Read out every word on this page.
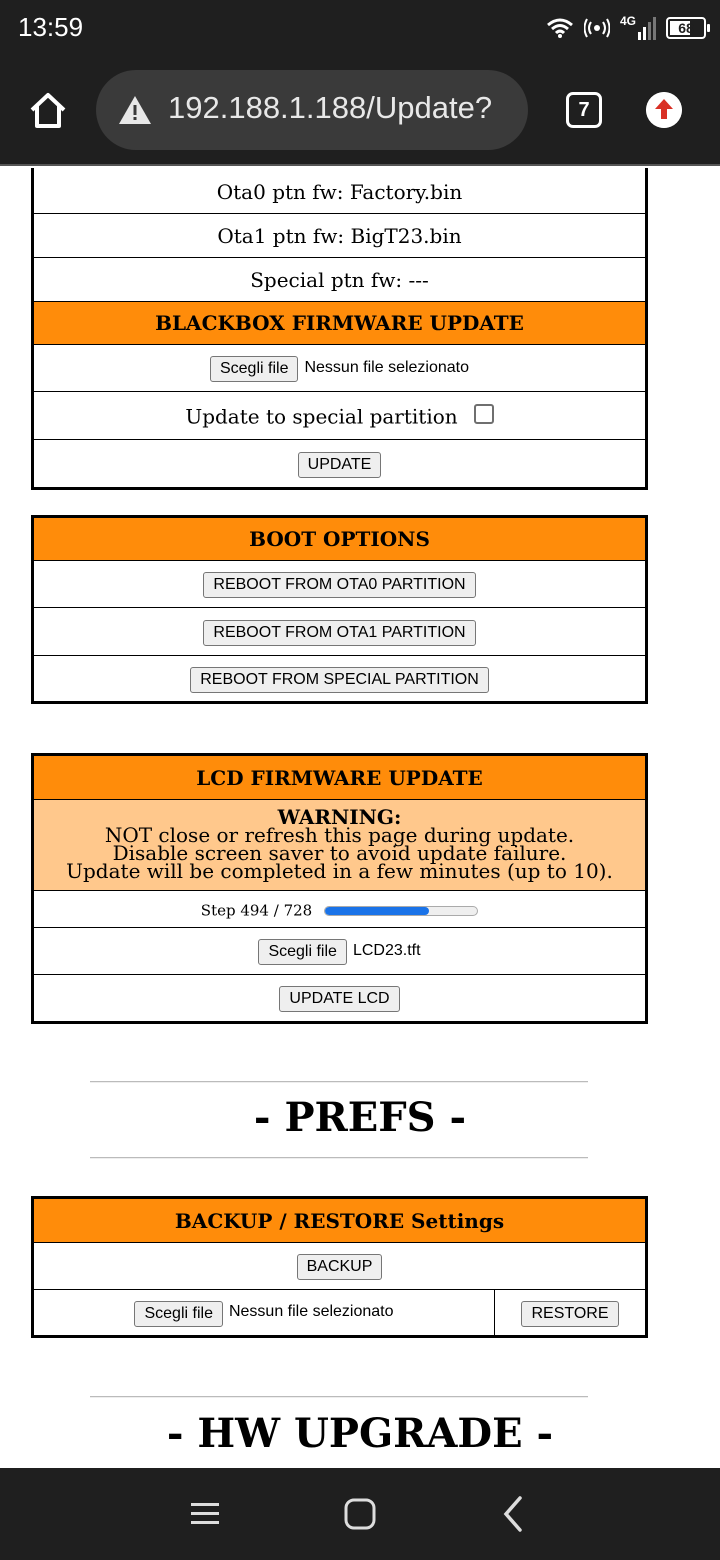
13:59	4G	68
192.188.1.188/Update?	7
Ota0 ptn fw: Factory.bin
Ota1 ptn fw: BigT23.bin
Special ptn fw: ---
BLACKBOX FIRMWARE UPDATE
Scegli file Nessun file selezionato
Update to special partition
UPDATE
BOOT OPTIONS
REBOOT FROM OTA0 PARTITION
REBOOT FROM OTA1 PARTITION
REBOOT FROM SPECIAL PARTITION
LCD FIRMWARE UPDATE

WARNING:
NOT close or refresh this page during update.
Disable screen saver to avoid update failure.
Update will be completed in a few minutes (up to 10).

Step 494 / 728

Scegli file LCD23.tft
UPDATE LCD
- PREFS -
BACKUP / RESTORE Settings
BACKUP
Scegli file Nessun file selezionato	RESTORE
- HW UPGRADE -
